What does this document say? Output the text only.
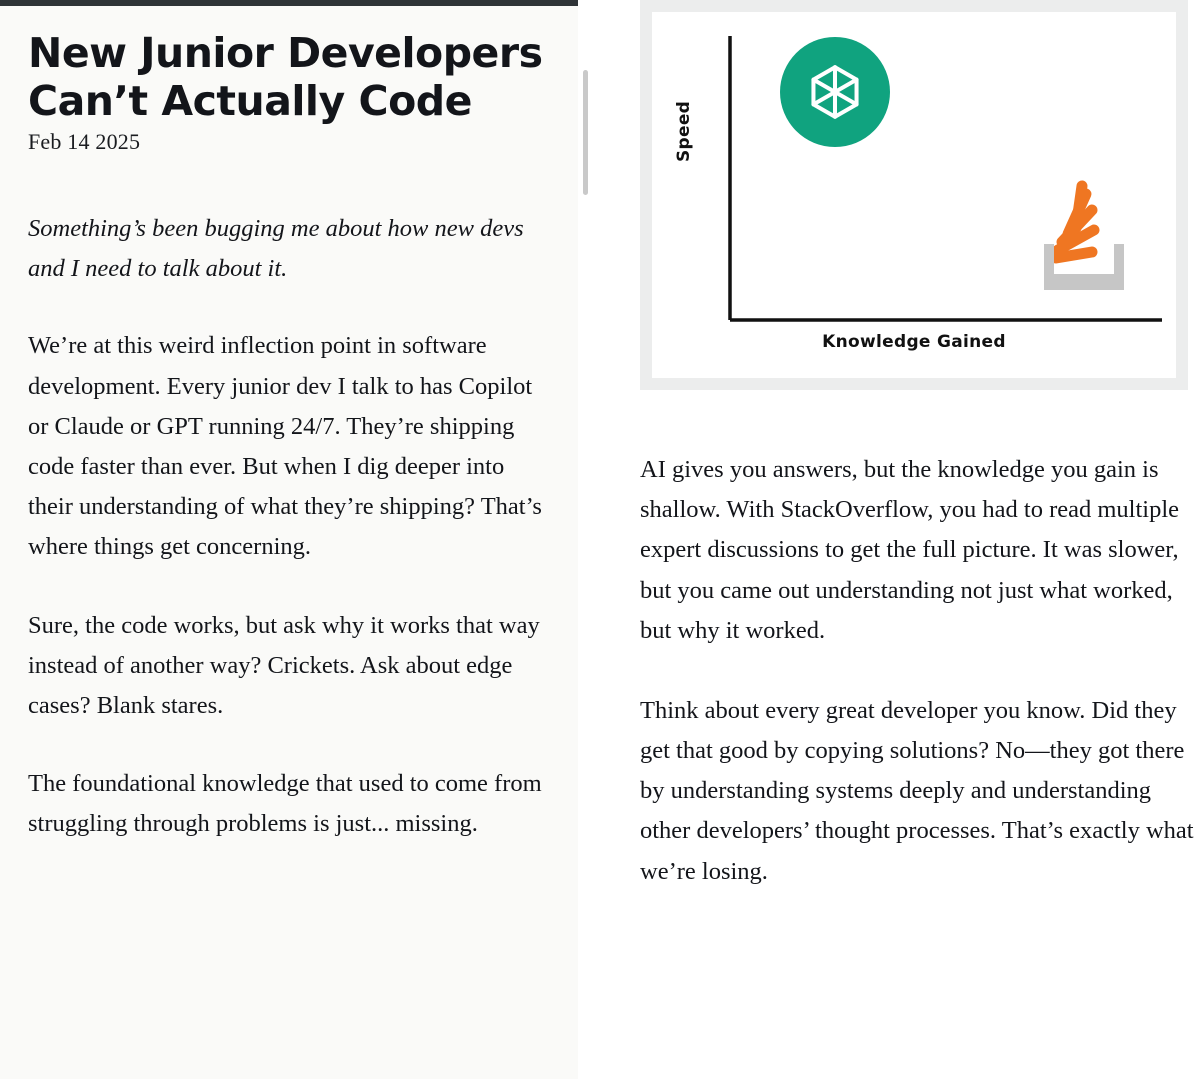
New Junior Developers Can’t Actually Code
Feb 14 2025

Something’s been bugging me about how new devs and I need to talk about it.

We’re at this weird inflection point in software development. Every junior dev I talk to has Copilot or Claude or GPT running 24/7. They’re shipping code faster than ever. But when I dig deeper into their understanding of what they’re shipping? That’s where things get concerning.

Sure, the code works, but ask why it works that way instead of another way? Crickets. Ask about edge cases? Blank stares.

The foundational knowledge that used to come from struggling through problems is just... missing.

Speed
Knowledge Gained

AI gives you answers, but the knowledge you gain is shallow. With StackOverflow, you had to read multiple expert discussions to get the full picture. It was slower, but you came out understanding not just what worked, but why it worked.

Think about every great developer you know. Did they get that good by copying solutions? No—they got there by understanding systems deeply and understanding other developers’ thought processes. That’s exactly what we’re losing.
